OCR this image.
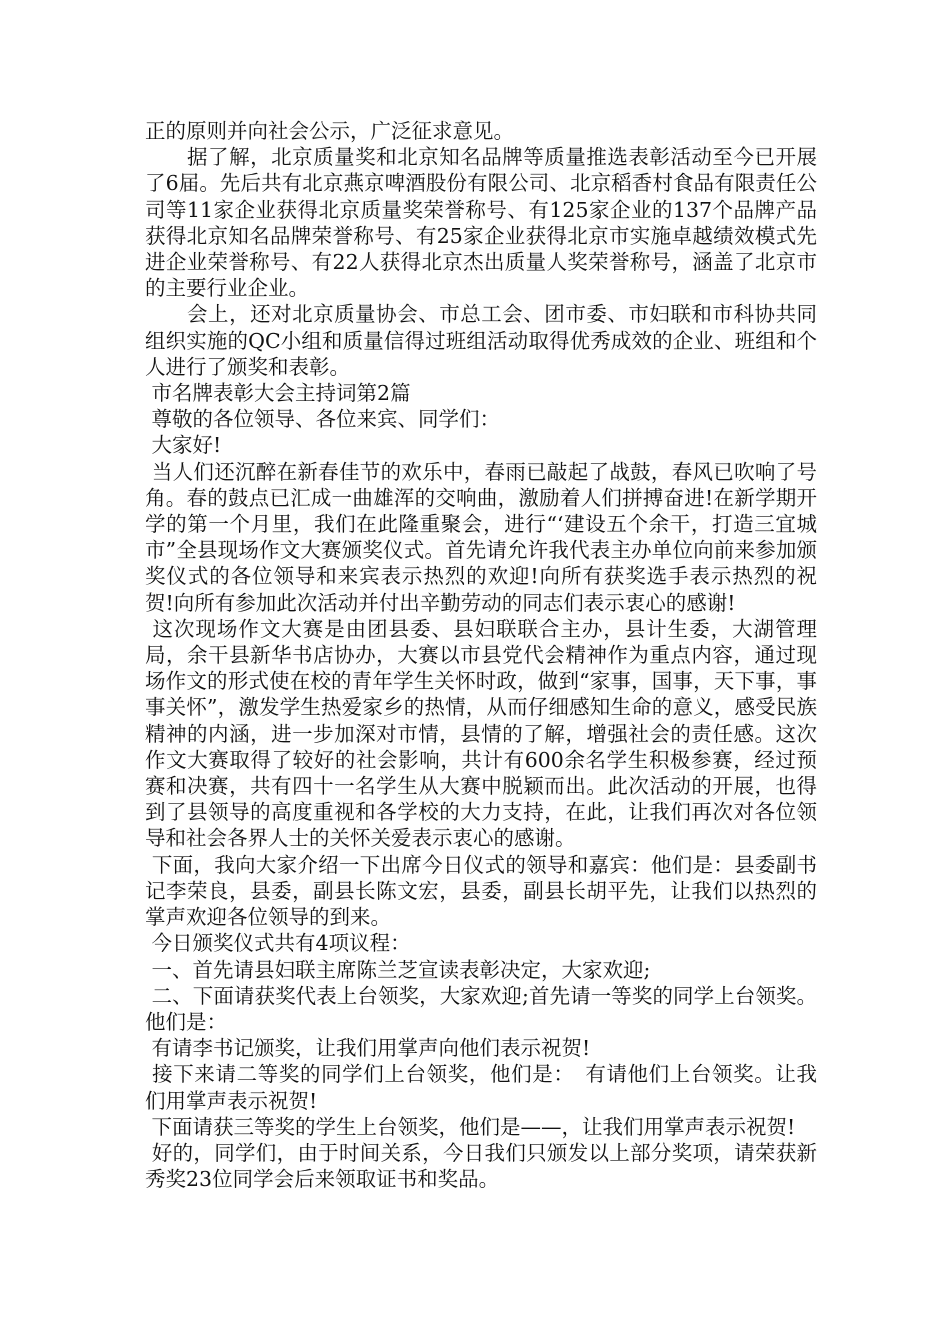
正的原则并向社会公示，广泛征求意见。

　　据了解，北京质量奖和北京知名品牌等质量推选表彰活动至今已开展了6届。先后共有北京燕京啤酒股份有限公司、北京稻香村食品有限责任公司等11家企业获得北京质量奖荣誉称号、有125家企业的137个品牌产品获得北京知名品牌荣誉称号、有25家企业获得北京市实施卓越绩效模式先进企业荣誉称号、有22人获得北京杰出质量人奖荣誉称号，涵盖了北京市的主要行业企业。

　　会上，还对北京质量协会、市总工会、团市委、市妇联和市科协共同组织实施的QC小组和质量信得过班组活动取得优秀成效的企业、班组和个人进行了颁奖和表彰。

市名牌表彰大会主持词第2篇

尊敬的各位领导、各位来宾、同学们：

大家好!

当人们还沉醉在新春佳节的欢乐中，春雨已敲起了战鼓，春风已吹响了号角。春的鼓点已汇成一曲雄浑的交响曲，激励着人们拼搏奋进!在新学期开学的第一个月里，我们在此隆重聚会，进行“‘建设五个余干，打造三宜城市”全县现场作文大赛颁奖仪式。首先请允许我代表主办单位向前来参加颁奖仪式的各位领导和来宾表示热烈的欢迎!向所有获奖选手表示热烈的祝贺!向所有参加此次活动并付出辛勤劳动的同志们表示衷心的感谢!

这次现场作文大赛是由团县委、县妇联联合主办，县计生委，大湖管理局，余干县新华书店协办，大赛以市县党代会精神作为重点内容，通过现场作文的形式使在校的青年学生关怀时政，做到“家事，国事，天下事，事事关怀”，激发学生热爱家乡的热情，从而仔细感知生命的意义，感受民族精神的内涵，进一步加深对市情，县情的了解，增强社会的责任感。这次作文大赛取得了较好的社会影响，共计有600余名学生积极参赛，经过预赛和决赛，共有四十一名学生从大赛中脱颖而出。此次活动的开展，也得到了县领导的高度重视和各学校的大力支持，在此，让我们再次对各位领导和社会各界人士的关怀关爱表示衷心的感谢。

下面，我向大家介绍一下出席今日仪式的领导和嘉宾：他们是：县委副书记李荣良，县委，副县长陈文宏，县委，副县长胡平先，让我们以热烈的掌声欢迎各位领导的到来。

今日颁奖仪式共有4项议程：

一、首先请县妇联主席陈兰芝宣读表彰决定，大家欢迎;

二、下面请获奖代表上台领奖，大家欢迎;首先请一等奖的同学上台领奖。他们是：

有请李书记颁奖，让我们用掌声向他们表示祝贺!

接下来请二等奖的同学们上台领奖，他们是：　有请他们上台领奖。让我们用掌声表示祝贺!

下面请获三等奖的学生上台领奖，他们是——，让我们用掌声表示祝贺!

好的，同学们，由于时间关系，今日我们只颁发以上部分奖项，请荣获新秀奖23位同学会后来领取证书和奖品。
